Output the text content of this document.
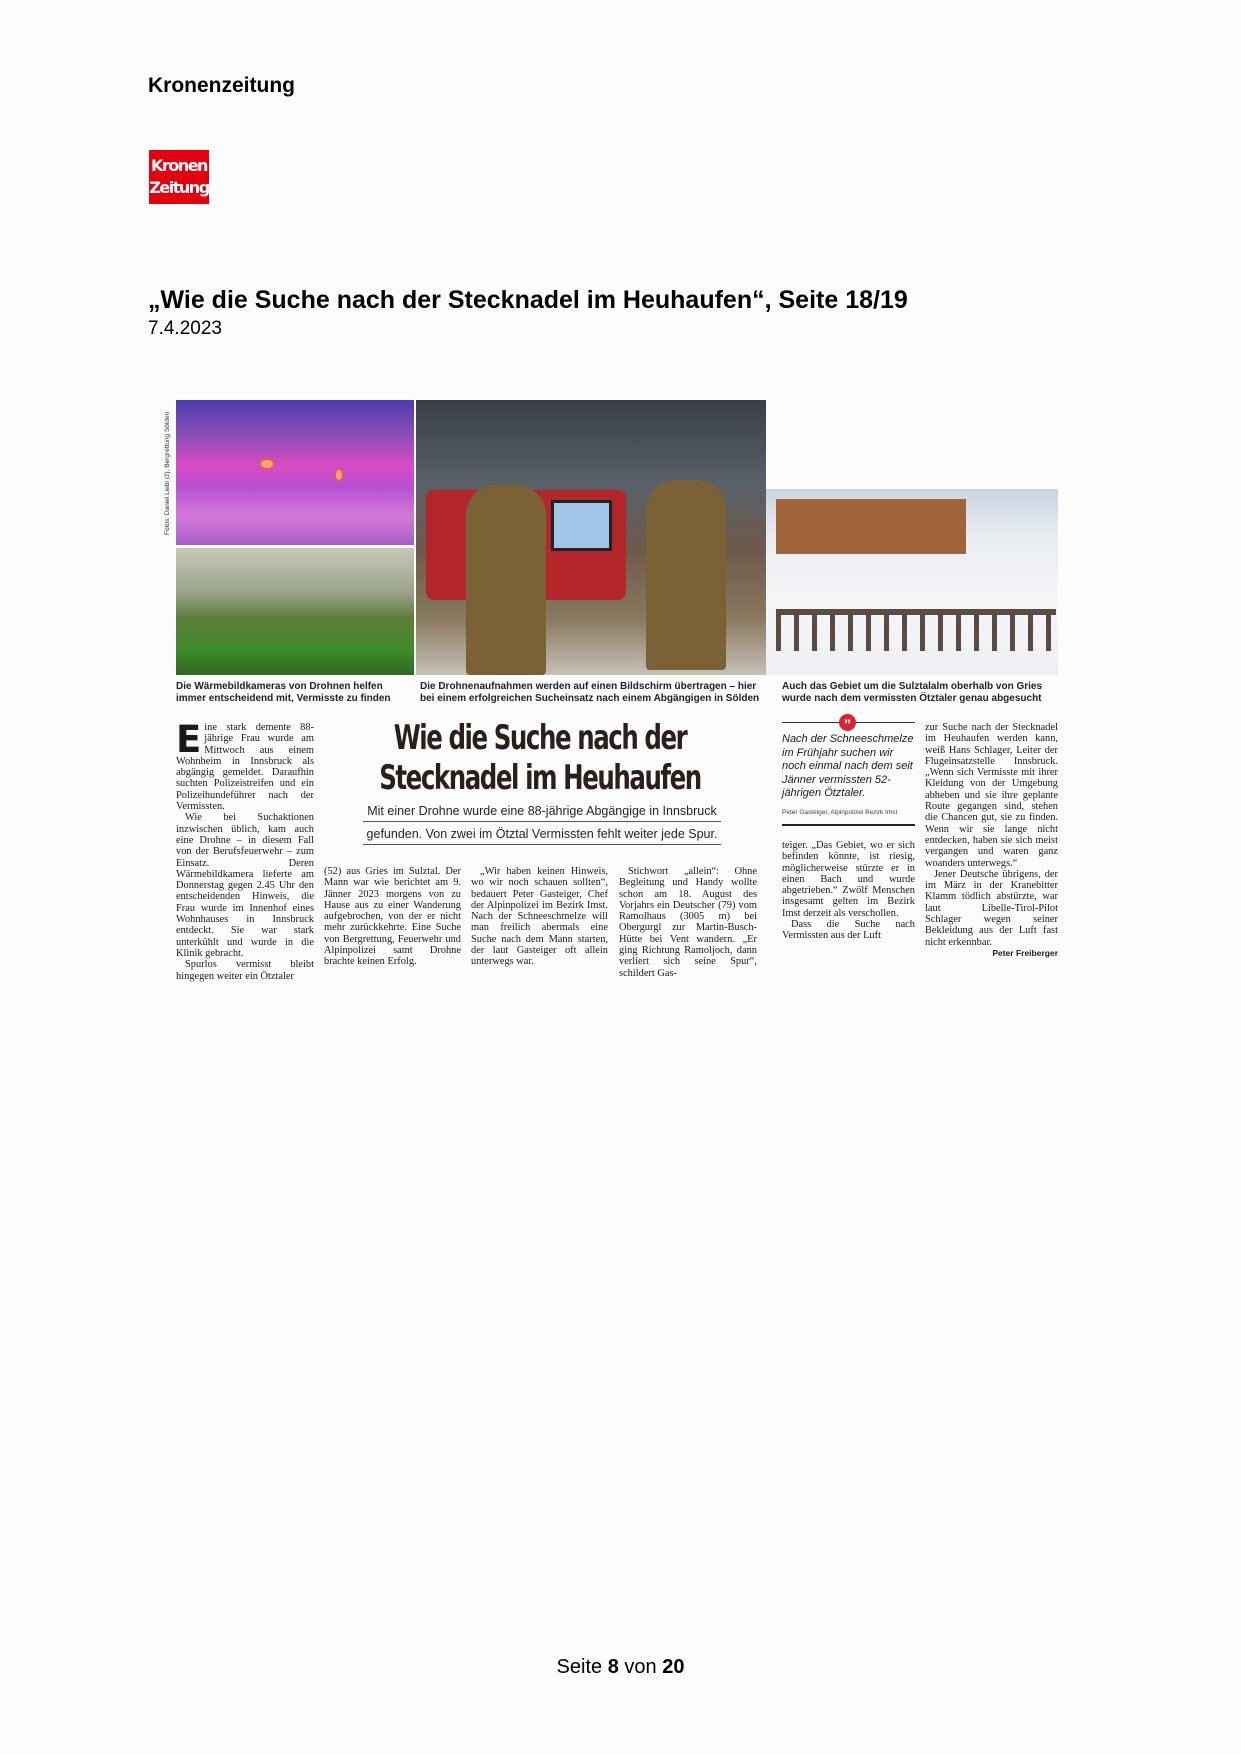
Kronenzeitung
Kronen
Zeitung
„Wie die Suche nach der Stecknadel im Heuhaufen“, Seite 18/19
7.4.2023
Fotos: Daniel Liebl (2), Bergrettung Sölden
Die Wärmebildkameras von Drohnen helfen immer entscheidend mit, Vermisste zu finden
Die Drohnenaufnahmen werden auf einen Bildschirm übertragen – hier bei einem erfolgreichen Sucheinsatz nach einem Abgängigen in Sölden
Auch das Gebiet um die Sulztalalm oberhalb von Gries wurde nach dem vermissten Ötztaler genau abgesucht

Eine stark demente 88-jährige Frau wurde am Mittwoch aus einem Wohnheim in Innsbruck als abgängig gemeldet. Daraufhin suchten Polizeistreifen und ein Polizeihundeführer nach der Vermissten.

Wie bei Suchaktionen inzwischen üblich, kam auch eine Drohne – in diesem Fall von der Berufsfeuerwehr – zum Einsatz. Deren Wärmebildkamera lieferte am Donnerstag gegen 2.45 Uhr den entscheidenden Hinweis, die Frau wurde im Innenhof eines Wohnhauses in Innsbruck entdeckt. Sie war stark unterkühlt und wurde in die Klinik gebracht.

Spurlos vermisst bleibt hingegen weiter ein Ötztaler

Wie die Suche nach der Stecknadel im Heuhaufen
Mit einer Drohne wurde eine 88-jährige Abgängige in Innsbruck
gefunden. Von zwei im Ötztal Vermissten fehlt weiter jede Spur.

(52) aus Gries im Sulztal. Der Mann war wie berichtet am 9. Jänner 2023 morgens von zu Hause aus zu einer Wanderung aufgebrochen, von der er nicht mehr zurückkehrte. Eine Suche von Bergrettung, Feuerwehr und Alpinpolizei samt Drohne brachte keinen Erfolg.

„Wir haben keinen Hinweis, wo wir noch schauen sollten“, bedauert Peter Gasteiger, Chef der Alpinpolizei im Bezirk Imst. Nach der Schneeschmelze will man freilich abermals eine Suche nach dem Mann starten, der laut Gasteiger oft allein unterwegs war.

Stichwort „allein“: Ohne Begleitung und Handy wollte schon am 18. August des Vorjahrs ein Deutscher (79) vom Ramolhaus (3005 m) bei Obergurgl zur Martin-Busch-Hütte bei Vent wandern. „Er ging Richtung Ramoljoch, dann verliert sich seine Spur“, schildert Gas-

”
Nach der Schneeschmelze im Frühjahr suchen wir noch einmal nach dem seit Jänner vermissten 52-jährigen Ötztaler.
Peter Gasteiger, Alpinpolizei Bezirk Imst

teiger. „Das Gebiet, wo er sich befinden könnte, ist riesig, möglicherweise stürzte er in einen Bach und wurde abgetrieben.“ Zwölf Menschen insgesamt gelten im Bezirk Imst derzeit als verschollen.

Dass die Suche nach Vermissten aus der Luft

zur Suche nach der Stecknadel im Heuhaufen werden kann, weiß Hans Schlager, Leiter der Flugeinsatzstelle Innsbruck. „Wenn sich Vermisste mit ihrer Kleidung von der Umgebung abheben und sie ihre geplante Route gegangen sind, stehen die Chancen gut, sie zu finden. Wenn wir sie lange nicht entdecken, haben sie sich meist vergangen und waren ganz woanders unterwegs.“

Jener Deutsche übrigens, der im März in der Kranebitter Klamm tödlich abstürzte, war laut Libelle-Tirol-Pilot Schlager wegen seiner Bekleidung aus der Luft fast nicht erkennbar.

Peter Freiberger
Seite 8 von 20
